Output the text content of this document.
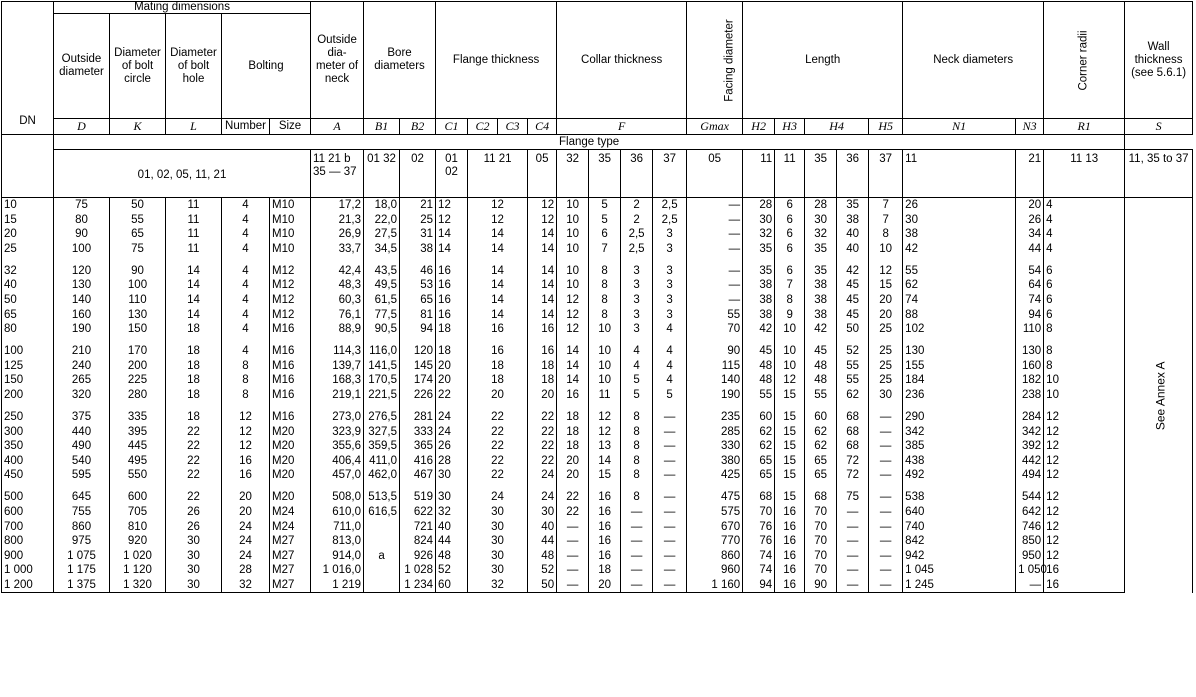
DN	Mating dimensions					Outside dia-meter of neck	Bore diameters		Flange thickness				Collar thickness				Facing diameter	Length					Neck diameters		Corner radii	Wall thickness (see 5.6.1)
	Outside diameter	Diameter of bolt circle	Diameter of bolt hole	Bolting																						
	D	K	L	Number	Size	A	B1	B2	C1	C2	C3	C4	F				Gmax	H2	H3	H4		H5	N1	N3	R1	S
	Flange type																									
	01, 02, 05, 11, 21					11 21 b 35 — 37	01 32	02	01 02	11 21		05	32	35	36	37	05	11	11	35	36	37	11	21	11 13	11, 35 to 37
10	75	50	11	4	M10	17,2	18,0	21	12	12		12	10	5	2	2,5	—	28	6	28	35	7	26	20	4	See Annex A
15	80	55	11	4	M10	21,3	22,0	25	12	12		12	10	5	2	2,5	—	30	6	30	38	7	30	26	4	
20	90	65	11	4	M10	26,9	27,5	31	14	14		14	10	6	2,5	3	—	32	6	32	40	8	38	34	4	
25	100	75	11	4	M10	33,7	34,5	38	14	14		14	10	7	2,5	3	—	35	6	35	40	10	42	44	4	
32	120	90	14	4	M12	42,4	43,5	46	16	14		14	10	8	3	3	—	35	6	35	42	12	55	54	6	
40	130	100	14	4	M12	48,3	49,5	53	16	14		14	10	8	3	3	—	38	7	38	45	15	62	64	6	
50	140	110	14	4	M12	60,3	61,5	65	16	14		14	12	8	3	3	—	38	8	38	45	20	74	74	6	
65	160	130	14	4	M12	76,1	77,5	81	16	14		14	12	8	3	3	55	38	9	38	45	20	88	94	6	
80	190	150	18	4	M16	88,9	90,5	94	18	16		16	12	10	3	4	70	42	10	42	50	25	102	110	8	
100	210	170	18	4	M16	114,3	116,0	120	18	16		16	14	10	4	4	90	45	10	45	52	25	130	130	8	
125	240	200	18	8	M16	139,7	141,5	145	20	18		18	14	10	4	4	115	48	10	48	55	25	155	160	8	
150	265	225	18	8	M16	168,3	170,5	174	20	18		18	14	10	5	4	140	48	12	48	55	25	184	182	10	
200	320	280	18	8	M16	219,1	221,5	226	22	20		20	16	11	5	5	190	55	15	55	62	30	236	238	10	
250	375	335	18	12	M16	273,0	276,5	281	24	22		22	18	12	8	—	235	60	15	60	68	—	290	284	12	
300	440	395	22	12	M20	323,9	327,5	333	24	22		22	18	12	8	—	285	62	15	62	68	—	342	342	12	
350	490	445	22	12	M20	355,6	359,5	365	26	22		22	18	13	8	—	330	62	15	62	68	—	385	392	12	
400	540	495	22	16	M20	406,4	411,0	416	28	22		22	20	14	8	—	380	65	15	65	72	—	438	442	12	
450	595	550	22	16	M20	457,0	462,0	467	30	22		24	20	15	8	—	425	65	15	65	72	—	492	494	12	
500	645	600	22	20	M20	508,0	513,5	519	30	24		24	22	16	8	—	475	68	15	68	75	—	538	544	12	
600	755	705	26	20	M24	610,0	616,5	622	32	30		30	22	16	—	—	575	70	16	70	—	—	640	642	12	
700	860	810	26	24	M24	711,0		721	40	30		40	—	16	—	—	670	76	16	70	—	—	740	746	12	
800	975	920	30	24	M27	813,0		824	44	30		44	—	16	—	—	770	76	16	70	—	—	842	850	12	
900	1 075	1 020	30	24	M27	914,0	a	926	48	30		48	—	16	—	—	860	74	16	70	—	—	942	950	12	
1 000	1 175	1 120	30	28	M27	1 016,0		1 028	52	30		52	—	18	—	—	960	74	16	70	—	—	1 045	1 050	16	
1 200	1 375	1 320	30	32	M27	1 219		1 234	60	32		50	—	20	—	—	1 160	94	16	90	—	—	1 245	—	16	
